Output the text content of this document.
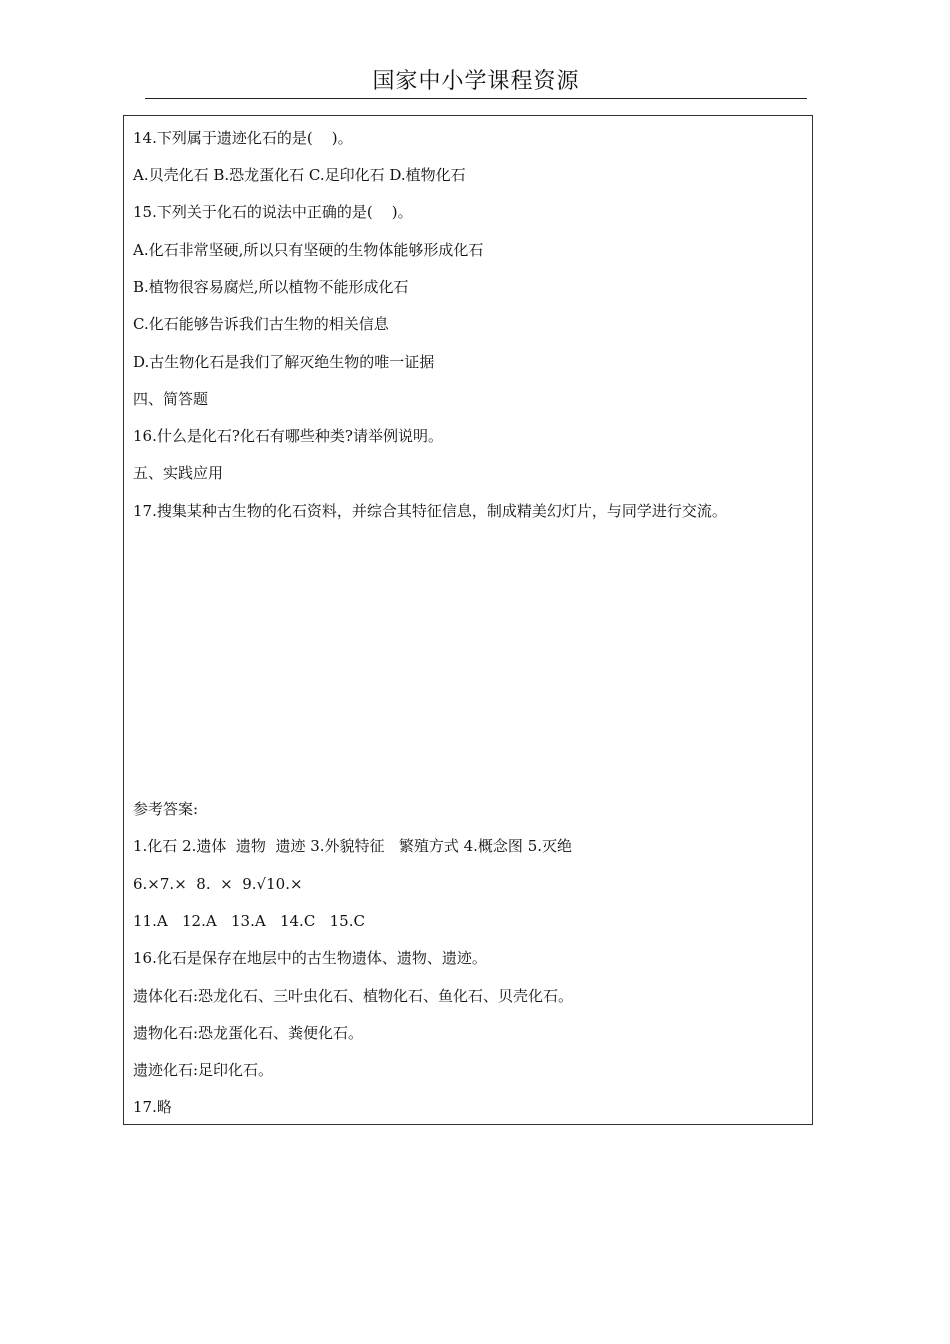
国家中小学课程资源
14.下列属于遗迹化石的是(    )。
A.贝壳化石 B.恐龙蛋化石 C.足印化石 D.植物化石
15.下列关于化石的说法中正确的是(    )。
A.化石非常坚硬,所以只有坚硬的生物体能够形成化石
B.植物很容易腐烂,所以植物不能形成化石
C.化石能够告诉我们古生物的相关信息
D.古生物化石是我们了解灭绝生物的唯一证据
四、简答题
16.什么是化石?化石有哪些种类?请举例说明。
五、实践应用
17.搜集某种古生物的化石资料，并综合其特征信息，制成精美幻灯片，与同学进行交流。
参考答案:
1.化石 2.遗体  遗物  遗迹 3.外貌特征   繁殖方式 4.概念图 5.灭绝
6.×7.×  8.  ×  9.√10.×
11.A   12.A   13.A   14.C   15.C
16.化石是保存在地层中的古生物遗体、遗物、遗迹。
遗体化石:恐龙化石、三叶虫化石、植物化石、鱼化石、贝壳化石。
遗物化石:恐龙蛋化石、粪便化石。
遗迹化石:足印化石。
17.略
